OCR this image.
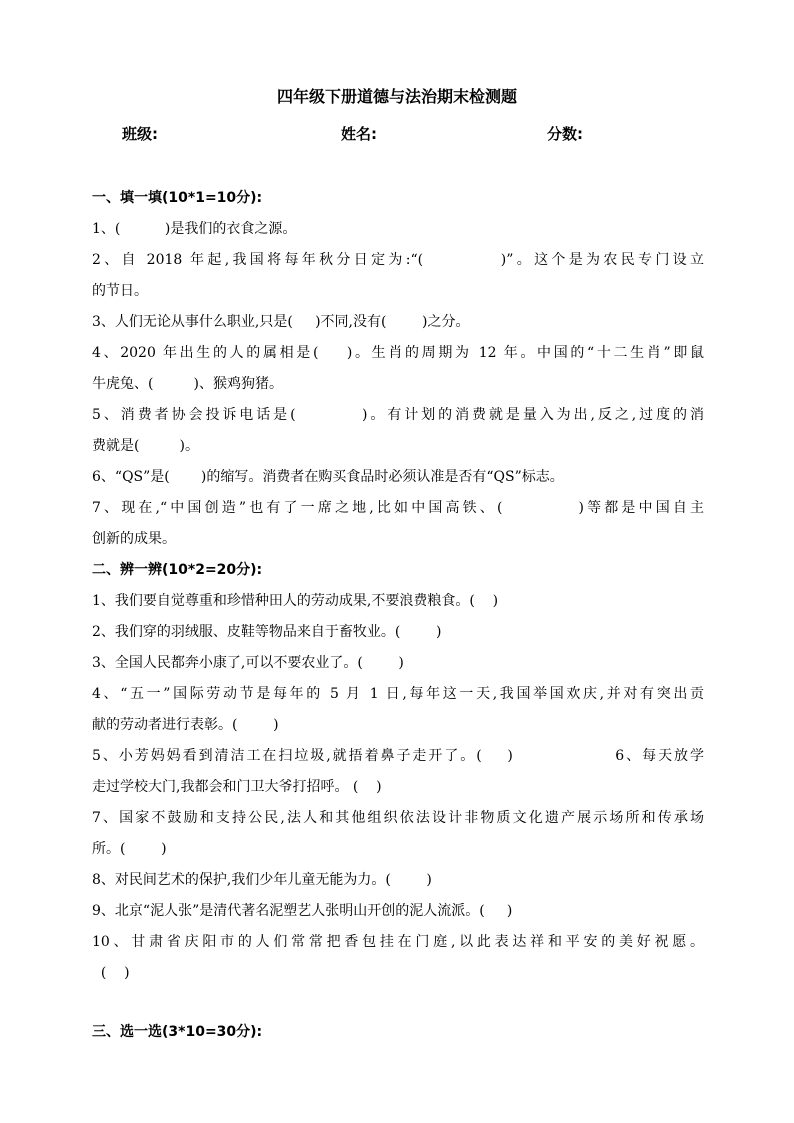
四年级下册道德与法治期末检测题
班级:	姓名:	分数:
一、填一填(10*1=10分):
1、(          )是我们的衣食之源。
2、自 2018 年起,我国将每年秋分日定为:“(          )”。这个是为农民专门设立
的节日。
3、人们无论从事什么职业,只是(     )不同,没有(        )之分。
4、2020 年出生的人的属相是(    )。生肖的周期为 12 年。中国的“十二生肖”即鼠
牛虎兔、(         )、猴鸡狗猪。
5、消费者协会投诉电话是(         )。有计划的消费就是量入为出,反之,过度的消
费就是(         )。
6、“QS”是(       )的缩写。消费者在购买食品时必须认准是否有“QS”标志。
7、现在,“中国创造”也有了一席之地,比如中国高铁、(          )等都是中国自主
创新的成果。
二、辨一辨(10*2=20分):
1、我们要自觉尊重和珍惜种田人的劳动成果,不要浪费粮食。(    )
2、我们穿的羽绒服、皮鞋等物品来自于畜牧业。(        )
3、全国人民都奔小康了,可以不要农业了。(        )
4、“五一”国际劳动节是每年的 5 月 1 日,每年这一天,我国举国欢庆,并对有突出贡
献的劳动者进行表彰。(        )
5、小芳妈妈看到清洁工在扫垃圾,就捂着鼻子走开了。(    )                6、每天放学
走过学校大门,我都会和门卫大爷打招呼。 (    )
7、国家不鼓励和支持公民,法人和其他组织依法设计非物质文化遗产展示场所和传承场
所。(        )
8、对民间艺术的保护,我们少年儿童无能为力。(        )
9、北京“泥人张”是清代著名泥塑艺人张明山开创的泥人流派。(     )
10、甘肃省庆阳市的人们常常把香包挂在门庭,以此表达祥和平安的美好祝愿。
(    )
三、选一选(3*10=30分):
